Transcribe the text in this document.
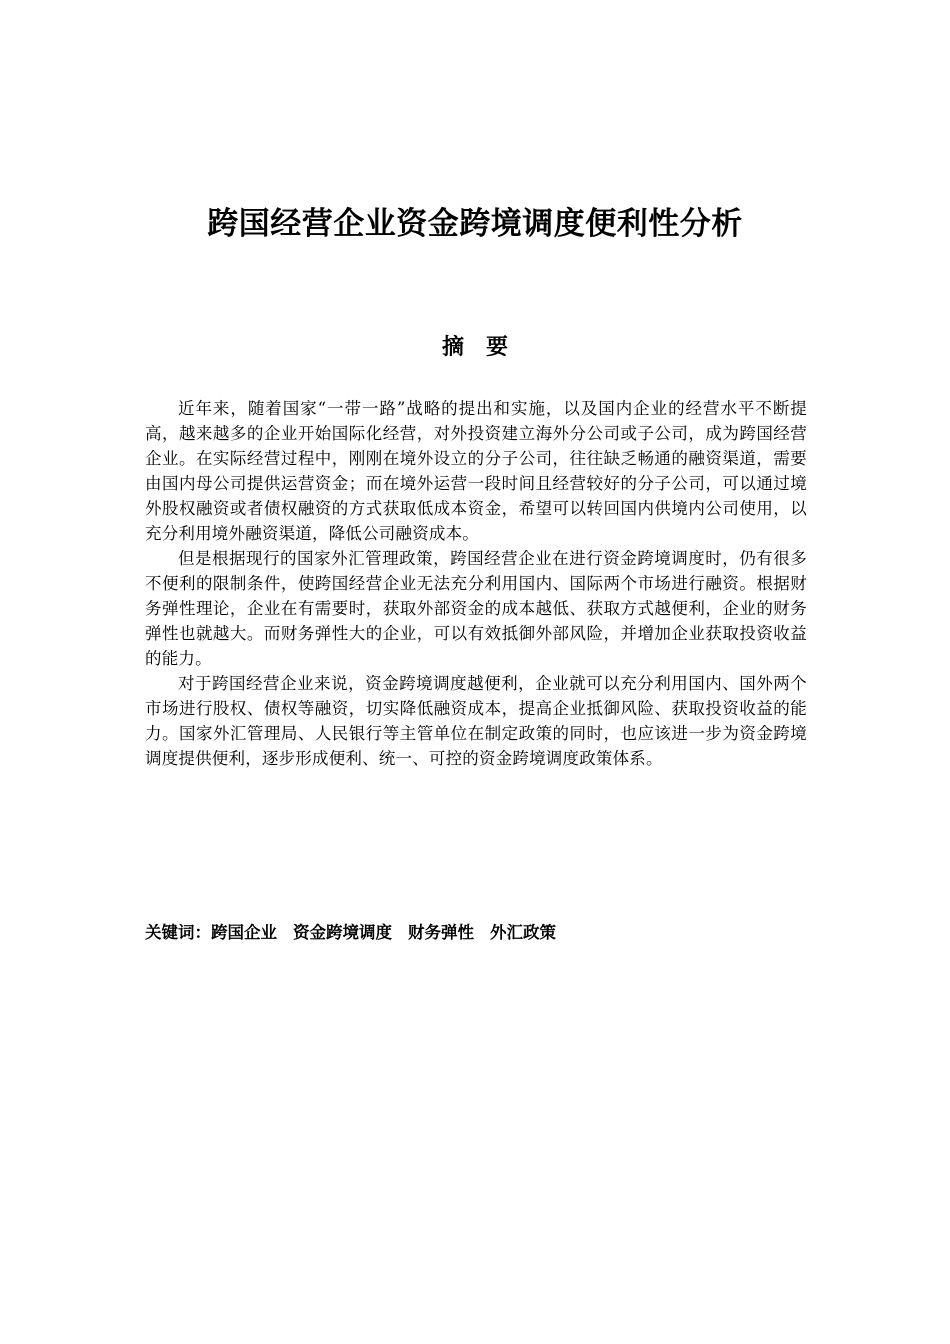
跨国经营企业资金跨境调度便利性分析
摘要

近年来，随着国家“一带一路”战略的提出和实施，以及国内企业的经营水平不断提高，越来越多的企业开始国际化经营，对外投资建立海外分公司或子公司，成为跨国经营企业。在实际经营过程中，刚刚在境外设立的分子公司，往往缺乏畅通的融资渠道，需要由国内母公司提供运营资金；而在境外运营一段时间且经营较好的分子公司，可以通过境外股权融资或者债权融资的方式获取低成本资金，希望可以转回国内供境内公司使用，以充分利用境外融资渠道，降低公司融资成本。

但是根据现行的国家外汇管理政策，跨国经营企业在进行资金跨境调度时，仍有很多不便利的限制条件，使跨国经营企业无法充分利用国内、国际两个市场进行融资。根据财务弹性理论，企业在有需要时，获取外部资金的成本越低、获取方式越便利，企业的财务弹性也就越大。而财务弹性大的企业，可以有效抵御外部风险，并增加企业获取投资收益的能力。

对于跨国经营企业来说，资金跨境调度越便利，企业就可以充分利用国内、国外两个市场进行股权、债权等融资，切实降低融资成本，提高企业抵御风险、获取投资收益的能力。国家外汇管理局、人民银行等主管单位在制定政策的同时，也应该进一步为资金跨境调度提供便利，逐步形成便利、统一、可控的资金跨境调度政策体系。

关键词：跨国企业 资金跨境调度 财务弹性 外汇政策
